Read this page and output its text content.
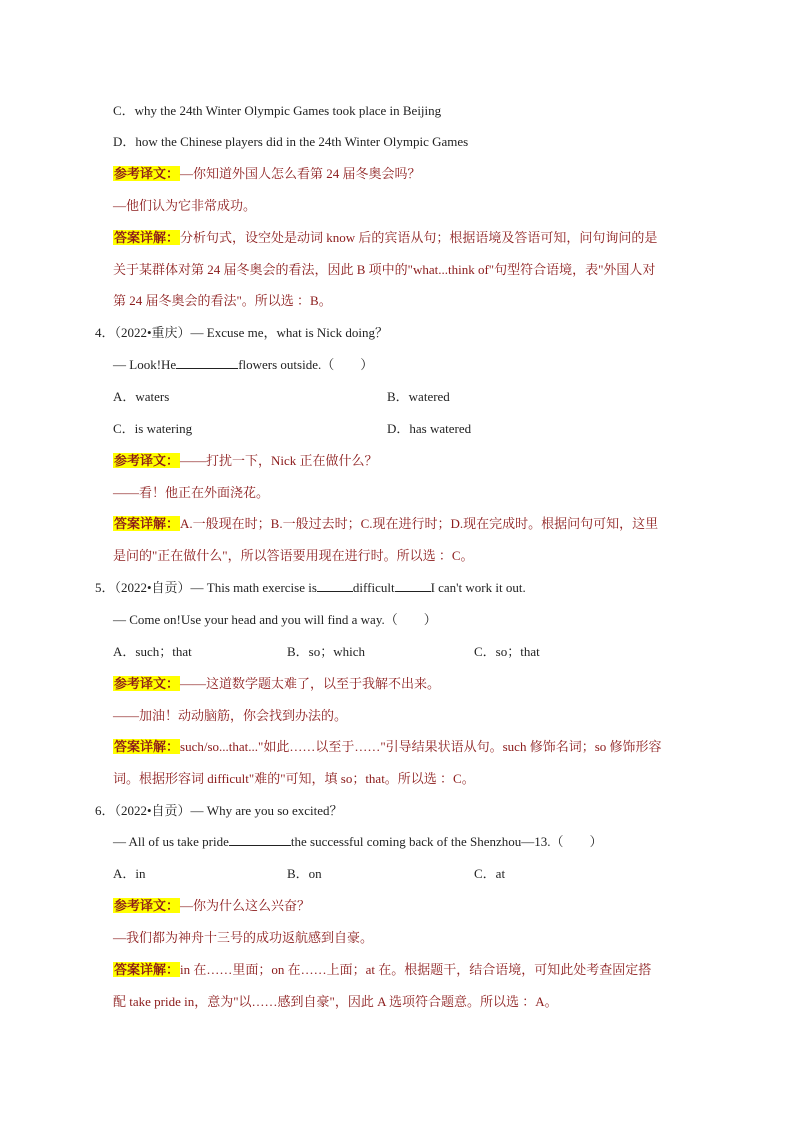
C．why the 24th Winter Olympic Games took place in Beijing
D．how the Chinese players did in the 24th Winter Olympic Games
参考译文：—你知道外国人怎么看第 24 届冬奥会吗？
—他们认为它非常成功。
答案详解：分析句式，设空处是动词 know 后的宾语从句；根据语境及答语可知，问句询问的是
关于某群体对第 24 届冬奥会的看法，因此 B 项中的"what...think of"句型符合语境，表"外国人对
第 24 届冬奥会的看法"。所以选 ：B。
4．（2022•重庆）— Excuse me，what is Nick doing？
— Look!He	flowers outside.（ ）
A．waters	B．watered
C．is watering	D．has watered
参考译文：——打扰一下，Nick 正在做什么？
——看！他正在外面浇花。
答案详解：A.一般现在时；B.一般过去时；C.现在进行时；D.现在完成时。根据问句可知，这里
是问的"正在做什么"，所以答语要用现在进行时。所以选 ：C。
5．（2022•自贡）— This math exercise is	difficult	I can't work it out.
— Come on!Use your head and you will find a way.（ ）
A．such；that	B．so；which	C．so；that
参考译文：——这道数学题太难了，以至于我解不出来。
——加油！动动脑筋，你会找到办法的。
答案详解：such/so...that..."如此……以至于……"引导结果状语从句。such 修饰名词；so 修饰形容
词。根据形容词 difficult"难的"可知，填 so；that。所以选 ：C。
6．（2022•自贡）— Why are you so excited？
— All of us take pride	the successful coming back of the Shenzhou—13.（ ）
A．in	B．on	C．at
参考译文：—你为什么这么兴奋？
—我们都为神舟十三号的成功返航感到自豪。
答案详解：in 在……里面；on 在……上面；at 在。根据题干，结合语境，可知此处考查固定搭
配 take pride in，意为"以……感到自豪"，因此 A 选项符合题意。所以选 ：A。
